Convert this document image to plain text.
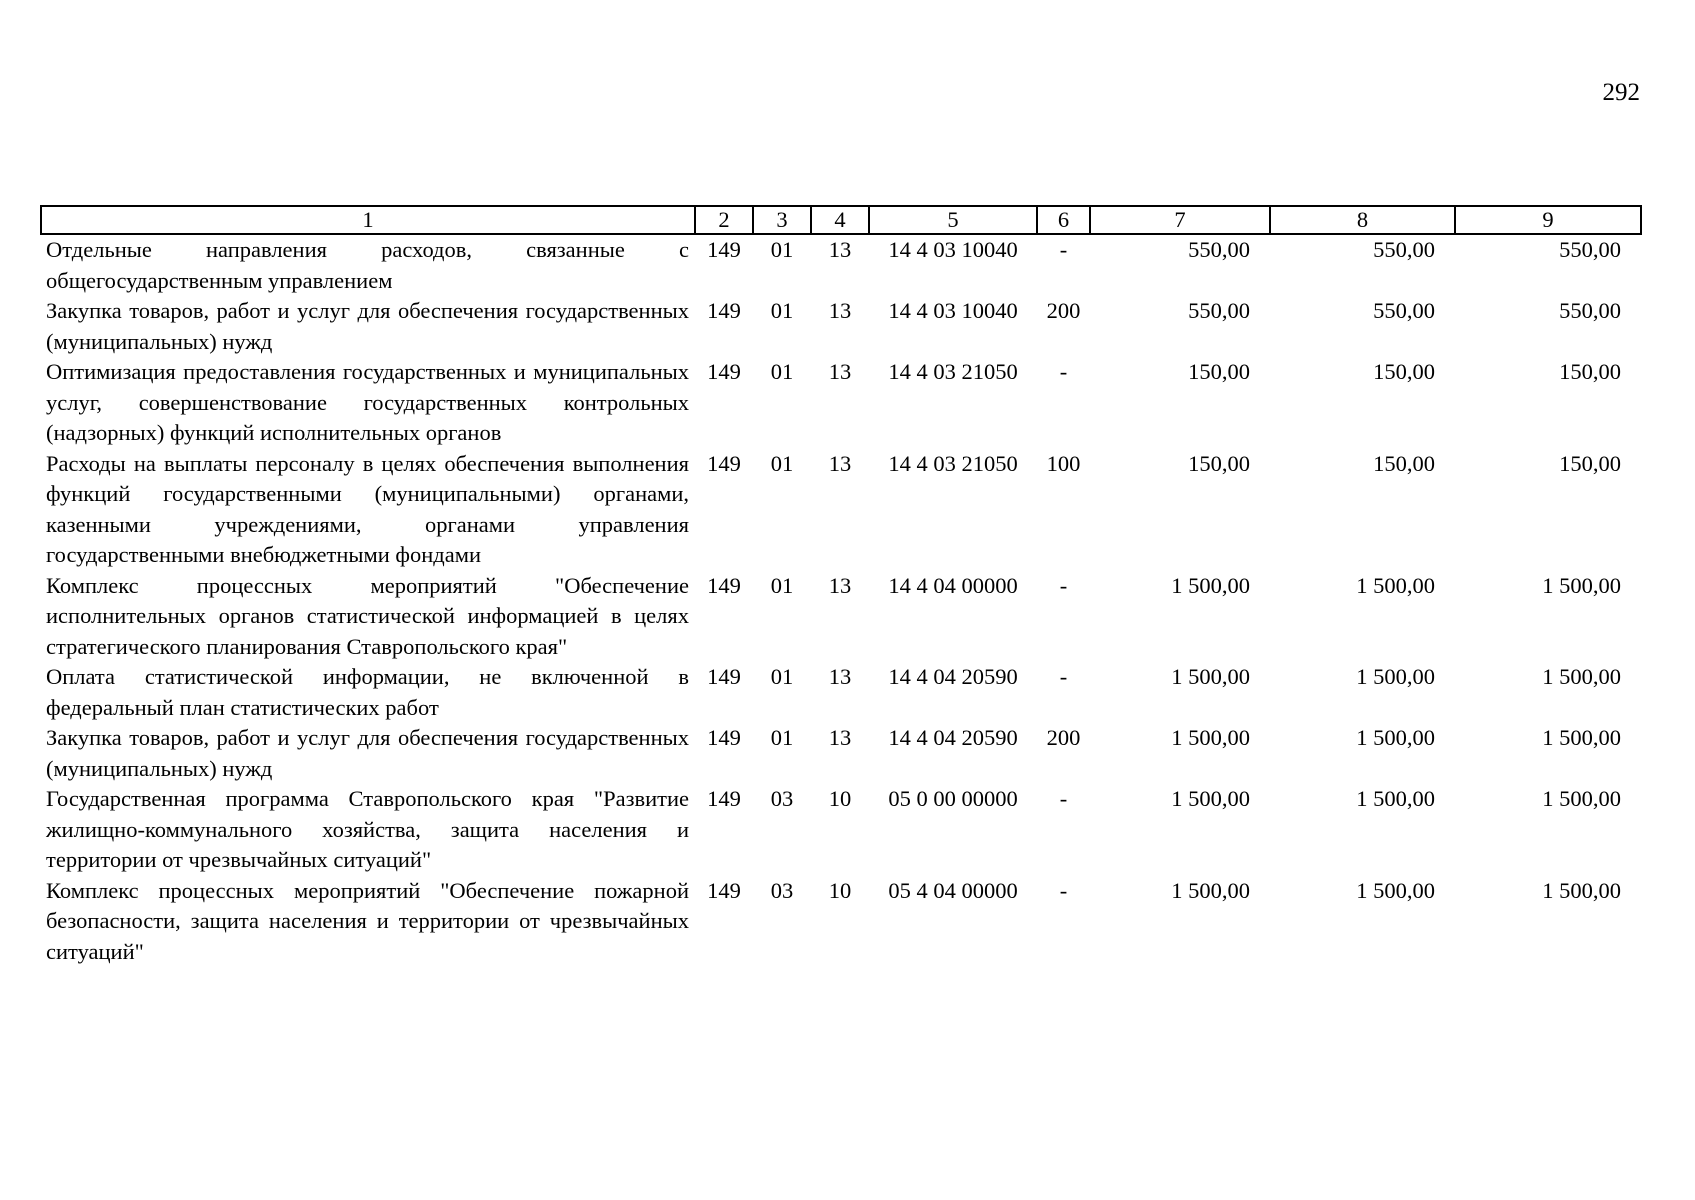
292
1	2	3	4	5	6	7	8	9
Отдельные направления расходов, связанные с общегосударственным управлением	149	01	13	14 4 03 10040	-	550,00	550,00	550,00
Закупка товаров, работ и услуг для обеспечения государственных (муниципальных) нужд	149	01	13	14 4 03 10040	200	550,00	550,00	550,00
Оптимизация предоставления государственных и муниципальных услуг, совершенствование государственных контрольных (надзорных) функций исполнительных органов	149	01	13	14 4 03 21050	-	150,00	150,00	150,00
Расходы на выплаты персоналу в целях обеспечения выполнения функций государственными (муниципальными) органами, казенными учреждениями, органами управления государственными внебюджетными фондами	149	01	13	14 4 03 21050	100	150,00	150,00	150,00
Комплекс процессных мероприятий "Обеспечение исполнительных органов статистической информацией в целях стратегического планирования Ставропольского края"	149	01	13	14 4 04 00000	-	1 500,00	1 500,00	1 500,00
Оплата статистической информации, не включенной в федеральный план статистических работ	149	01	13	14 4 04 20590	-	1 500,00	1 500,00	1 500,00
Закупка товаров, работ и услуг для обеспечения государственных (муниципальных) нужд	149	01	13	14 4 04 20590	200	1 500,00	1 500,00	1 500,00
Государственная программа Ставропольского края "Развитие жилищно-коммунального хозяйства, защита населения и территории от чрезвычайных ситуаций"	149	03	10	05 0 00 00000	-	1 500,00	1 500,00	1 500,00
Комплекс процессных мероприятий "Обеспечение пожарной безопасности, защита населения и территории от чрезвычайных ситуаций"	149	03	10	05 4 04 00000	-	1 500,00	1 500,00	1 500,00
